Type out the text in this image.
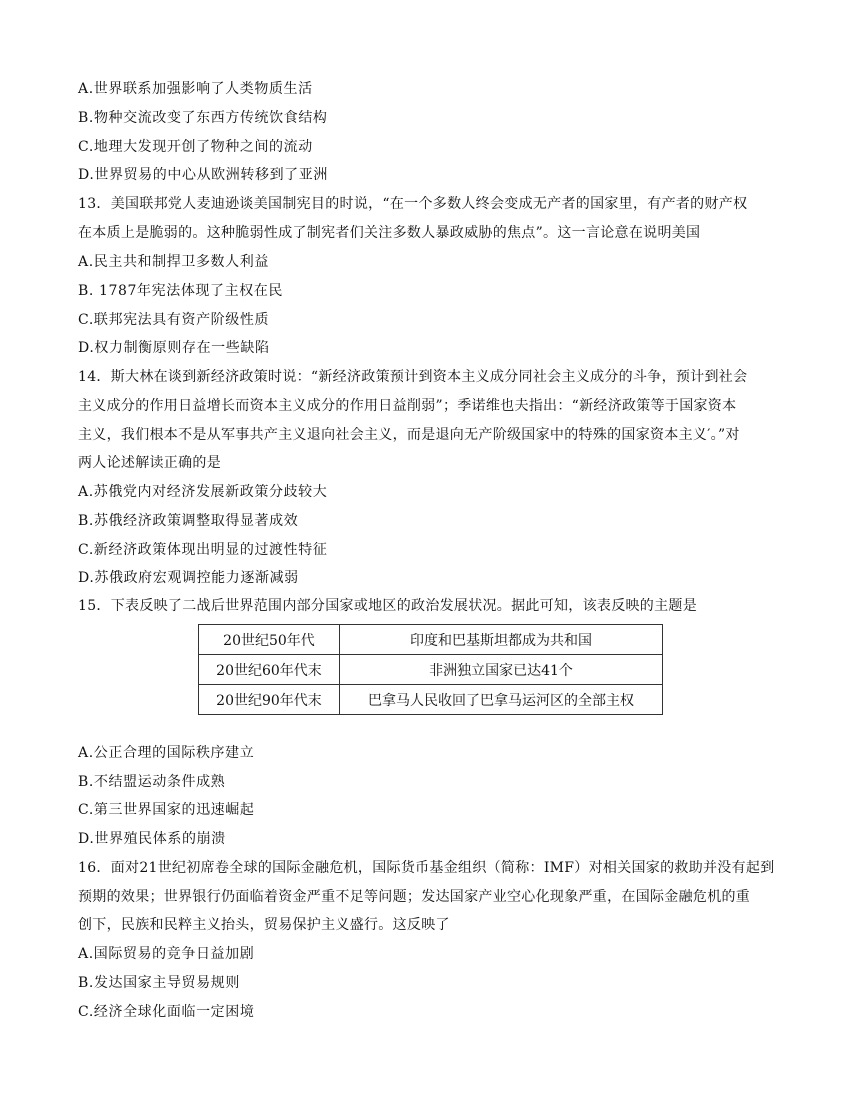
A.世界联系加强影响了人类物质生活
B.物种交流改变了东西方传统饮食结构
C.地理大发现开创了物种之间的流动
D.世界贸易的中心从欧洲转移到了亚洲
13．美国联邦党人麦迪逊谈美国制宪目的时说，“在一个多数人终会变成无产者的国家里，有产者的财产权
在本质上是脆弱的。这种脆弱性成了制宪者们关注多数人暴政威胁的焦点”。这一言论意在说明美国
A.民主共和制捍卫多数人利益
B. 1787年宪法体现了主权在民
C.联邦宪法具有资产阶级性质
D.权力制衡原则存在一些缺陷
14．斯大林在谈到新经济政策时说：“新经济政策预计到资本主义成分同社会主义成分的斗争，预计到社会
主义成分的作用日益增长而资本主义成分的作用日益削弱”；季诺维也夫指出：“新经济政策等于国家资本
主义，我们根本不是从军事共产主义退向社会主义，而是退向无产阶级国家中的特殊的国家资本主义′。”对
两人论述解读正确的是
A.苏俄党内对经济发展新政策分歧较大
B.苏俄经济政策调整取得显著成效
C.新经济政策体现出明显的过渡性特征
D.苏俄政府宏观调控能力逐渐减弱
15．下表反映了二战后世界范围内部分国家或地区的政治发展状况。据此可知，该表反映的主题是
20世纪50年代	印度和巴基斯坦都成为共和国
20世纪60年代末	非洲独立国家已达41个
20世纪90年代末	巴拿马人民收回了巴拿马运河区的全部主权
A.公正合理的国际秩序建立
B.不结盟运动条件成熟
C.第三世界国家的迅速崛起
D.世界殖民体系的崩溃
16．面对21世纪初席卷全球的国际金融危机，国际货币基金组织（简称：IMF）对相关国家的救助并没有起到
预期的效果；世界银行仍面临着资金严重不足等问题；发达国家产业空心化现象严重，在国际金融危机的重
创下，民族和民粹主义抬头，贸易保护主义盛行。这反映了
A.国际贸易的竞争日益加剧
B.发达国家主导贸易规则
C.经济全球化面临一定困境
